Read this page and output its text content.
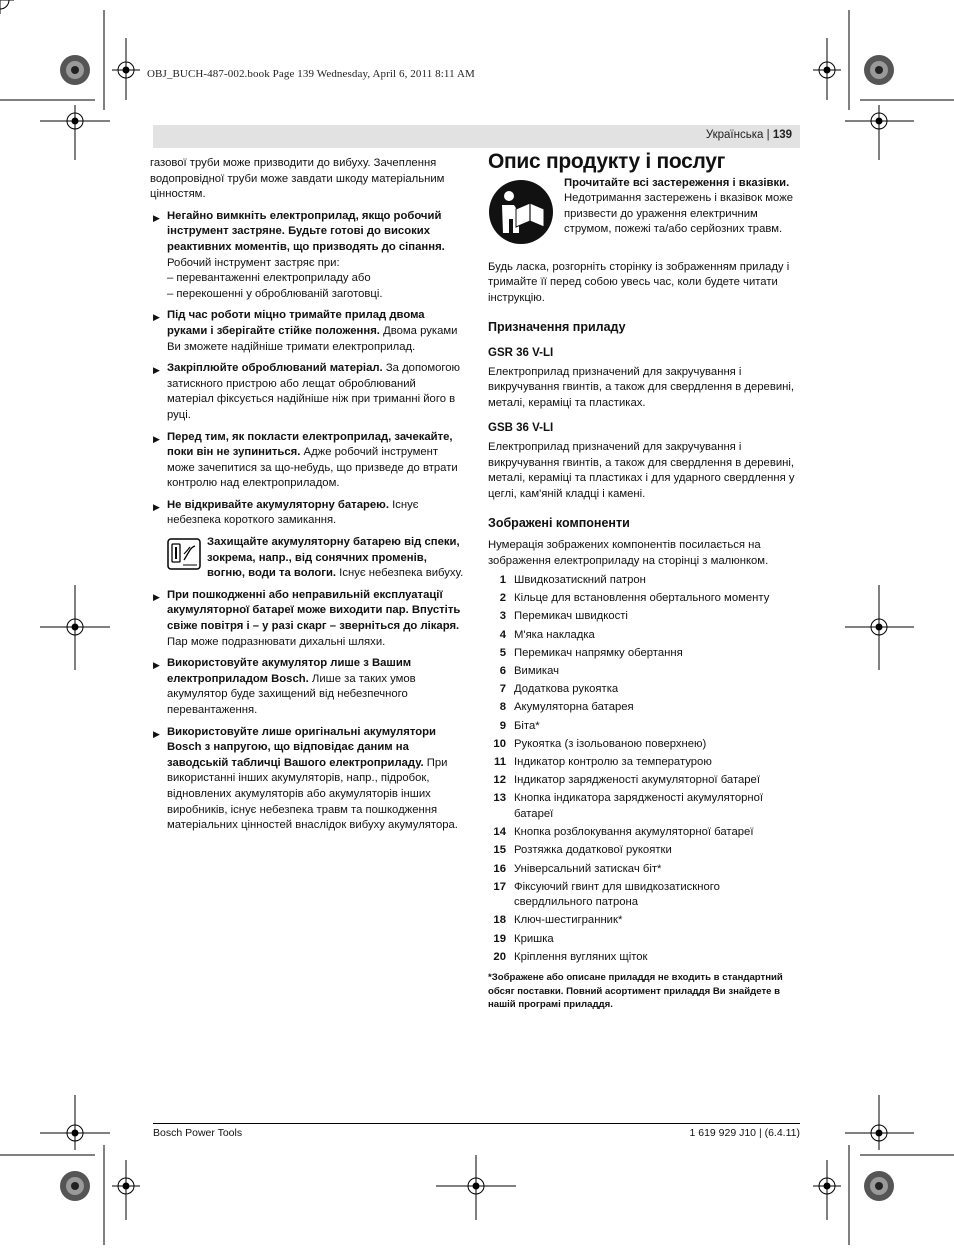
OBJ_BUCH-487-002.book Page 139 Wednesday, April 6, 2011 8:11 AM
Українська | 139

газової труби може призводити до вибуху. Зачеплення водопровідної труби може завдати шкоду матеріальним цінностям.

▶ Негайно вимкніть електроприлад, якщо робочий інструмент застряне. Будьте готові до високих реактивних моментів, що призводять до сіпання.
Робочий інструмент застряє при:
– перевантаженні електроприладу або
– перекошенні у оброблюваній заготовці.
▶ Під час роботи міцно тримайте прилад двома руками і зберігайте стійке положення. Двома руками Ви зможете надійніше тримати електроприлад.
▶ Закріплюйте оброблюваний матеріал. За допомогою затискного пристрою або лещат оброблюваний матеріал фіксується надійніше ніж при триманні його в руці.
▶ Перед тим, як покласти електроприлад, зачекайте, поки він не зупиниться. Адже робочий інструмент може зачепитися за що-небудь, що призведе до втрати контролю над електроприладом.
▶ Не відкривайте акумуляторну батарею. Існує небезпека короткого замикання.
Захищайте акумуляторну батарею від спеки, зокрема, напр., від сонячних променів, вогню, води та вологи. Існує небезпека вибуху.
▶ При пошкодженні або неправильній експлуатації акумуляторної батареї може виходити пар. Впустіть свіже повітря і – у разі скарг – зверніться до лікаря. Пар може подразнювати дихальні шляхи.
▶ Використовуйте акумулятор лише з Вашим електроприладом Bosch. Лише за таких умов акумулятор буде захищений від небезпечного перевантаження.
▶ Використовуйте лише оригінальні акумулятори Bosch з напругою, що відповідає даним на заводській табличці Вашого електроприладу. При використанні інших акумуляторів, напр., підробок, відновлених акумуляторів або акумуляторів інших виробників, існує небезпека травм та пошкодження матеріальних цінностей внаслідок вибуху акумулятора.
Опис продукту і послуг
Прочитайте всі застереження і вказівки. Недотримання застережень і вказівок може призвести до ураження електричним струмом, пожежі та/або серйозних травм.

Будь ласка, розгорніть сторінку із зображенням приладу і тримайте її перед собою увесь час, коли будете читати інструкцію.

Призначення приладу
GSR 36 V-LI

Електроприлад призначений для закручування і викручування гвинтів, а також для свердлення в деревині, металі, кераміці та пластиках.

GSB 36 V-LI

Електроприлад призначений для закручування і викручування гвинтів, а також для свердлення в деревині, металі, кераміці та пластиках і для ударного свердлення у цеглі, кам'яній кладці і камені.

Зображені компоненти

Нумерація зображених компонентів посилається на зображення електроприладу на сторінці з малюнком.

1 Швидкозатискний патрон
2 Кільце для встановлення обертального моменту
3 Перемикач швидкості
4 М'яка накладка
5 Перемикач напрямку обертання
6 Вимикач
7 Додаткова рукоятка
8 Акумуляторна батарея
9 Біта*
10 Рукоятка (з ізольованою поверхнею)
11 Індикатор контролю за температурою
12 Індикатор зарядженості акумуляторної батареї
13 Кнопка індикатора зарядженості акумуляторної батареї
14 Кнопка розблокування акумуляторної батареї
15 Розтяжка додаткової рукоятки
16 Універсальний затискач біт*
17 Фіксуючий гвинт для швидкозатискного свердлильного патрона
18 Ключ-шестигранник*
19 Кришка
20 Кріплення вугляних щіток

*Зображене або описане приладдя не входить в стандартний обсяг поставки. Повний асортимент приладдя Ви знайдете в нашій програмі приладдя.

Bosch Power Tools	1 619 929 J10 | (6.4.11)
